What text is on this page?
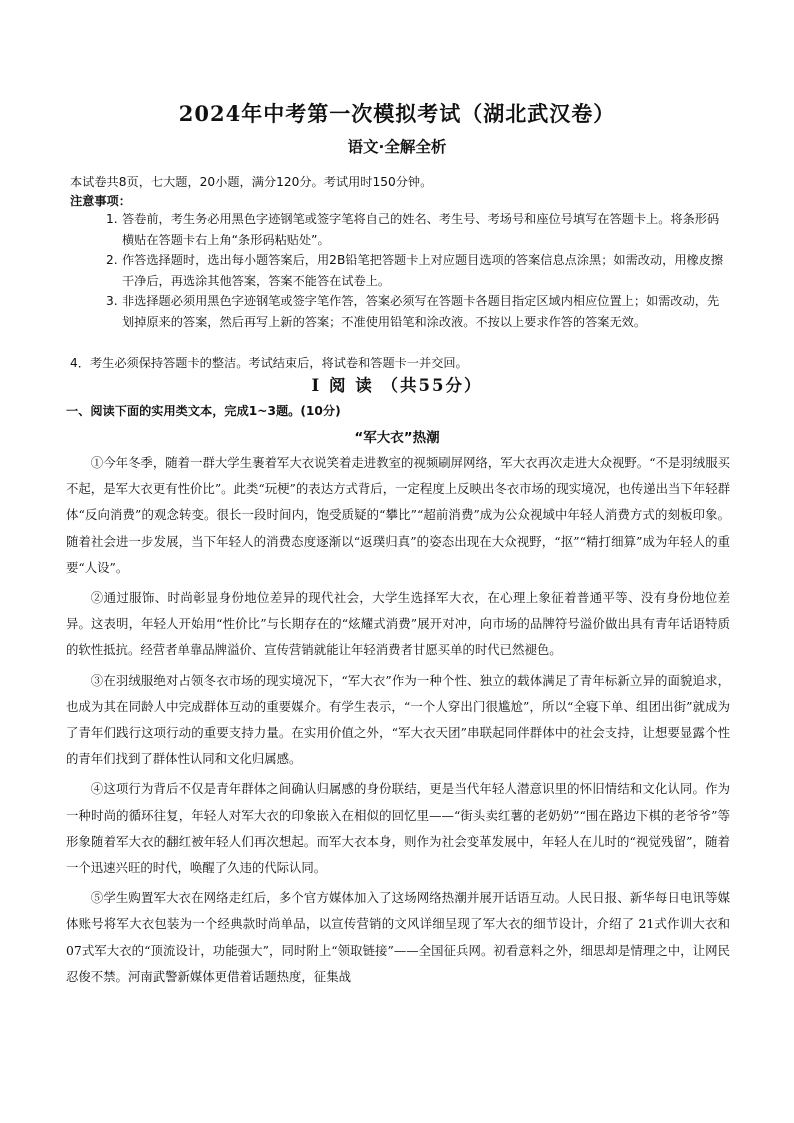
2024年中考第一次模拟考试（湖北武汉卷）
语文·全解全析
本试卷共8页，七大题，20小题，满分120分。考试用时150分钟。
注意事项：
1. 答卷前，考生务必用黑色字迹钢笔或签字笔将自己的姓名、考生号、考场号和座位号填写在答题卡上。将条形码横贴在答题卡右上角“条形码粘贴处”。
2. 作答选择题时，选出每小题答案后，用2B铅笔把答题卡上对应题目选项的答案信息点涂黑；如需改动，用橡皮擦干净后，再选涂其他答案，答案不能答在试卷上。
3. 非选择题必须用黑色字迹钢笔或签字笔作答，答案必须写在答题卡各题目指定区域内相应位置上；如需改动，先划掉原来的答案，然后再写上新的答案；不准使用铅笔和涂改液。不按以上要求作答的答案无效。
4．考生必须保持答题卡的整洁。考试结束后，将试卷和答题卡一并交回。
I 阅 读 （共55分）
一、阅读下面的实用类文本，完成1~3题。(10分)
“军大衣”热潮

①今年冬季，随着一群大学生裹着军大衣说笑着走进教室的视频刷屏网络，军大衣再次走进大众视野。“不是羽绒服买不起，是军大衣更有性价比”。此类“玩梗”的表达方式背后，一定程度上反映出冬衣市场的现实境况，也传递出当下年轻群体“反向消费”的观念转变。很长一段时间内，饱受质疑的“攀比”“超前消费”成为公众视域中年轻人消费方式的刻板印象。随着社会进一步发展，当下年轻人的消费态度逐渐以“返璞归真”的姿态出现在大众视野，“抠”“精打细算”成为年轻人的重要“人设”。

②通过服饰、时尚彰显身份地位差异的现代社会，大学生选择军大衣，在心理上象征着普通平等、没有身份地位差异。这表明，年轻人开始用“性价比”与长期存在的“炫耀式消费”展开对冲，向市场的品牌符号溢价做出具有青年话语特质的软性抵抗。经营者单靠品牌溢价、宣传营销就能让年轻消费者甘愿买单的时代已然褪色。

③在羽绒服绝对占领冬衣市场的现实境况下，“军大衣”作为一种个性、独立的载体满足了青年标新立异的面貌追求，也成为其在同龄人中完成群体互动的重要媒介。有学生表示，“一个人穿出门很尴尬”，所以“全寝下单、组团出街”就成为了青年们践行这项行动的重要支持力量。在实用价值之外，“军大衣天团”串联起同伴群体中的社会支持，让想要显露个性的青年们找到了群体性认同和文化归属感。

④这项行为背后不仅是青年群体之间确认归属感的身份联结，更是当代年轻人潜意识里的怀旧情结和文化认同。作为一种时尚的循环往复，年轻人对军大衣的印象嵌入在相似的回忆里——“街头卖红薯的老奶奶”“围在路边下棋的老爷爷”等形象随着军大衣的翻红被年轻人们再次想起。而军大衣本身，则作为社会变革发展中，年轻人在儿时的“视觉残留”，随着一个迅速兴旺的时代，唤醒了久违的代际认同。

⑤学生购置军大衣在网络走红后，多个官方媒体加入了这场网络热潮并展开话语互动。人民日报、新华每日电讯等媒体账号将军大衣包装为一个经典款时尚单品，以宣传营销的文风详细呈现了军大衣的细节设计，介绍了 21式作训大衣和07式军大衣的“顶流设计，功能强大”，同时附上“领取链接”——全国征兵网。初看意料之外，细思却是情理之中，让网民忍俊不禁。河南武警新媒体更借着话题热度，征集战
